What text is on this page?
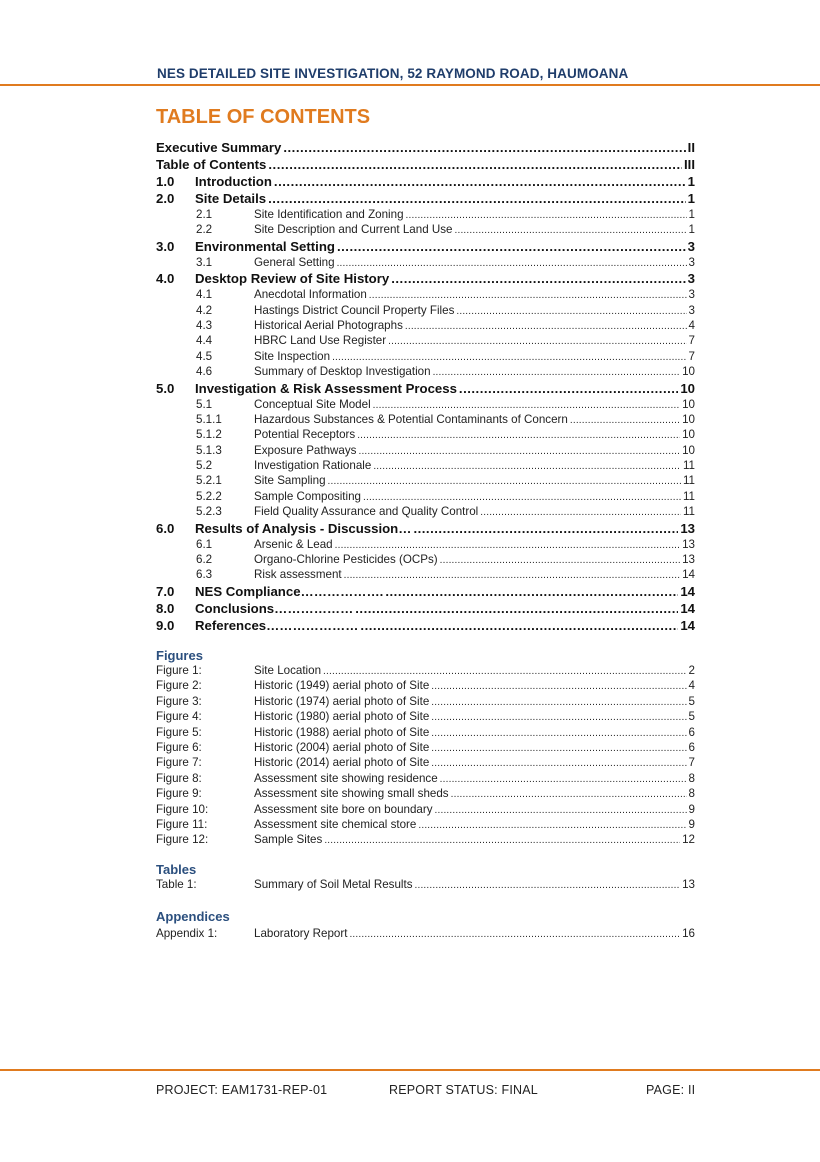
NES DETAILED SITE INVESTIGATION, 52 RAYMOND ROAD, HAUMOANA
TABLE OF CONTENTS
Executive Summary .....	II
Table of Contents .....	III
1.0	Introduction .....	1
2.0	Site Details .....	1
2.1	Site Identification and Zoning .....	1
2.2	Site Description and Current Land Use .....	1
3.0	Environmental Setting .....	3
3.1	General Setting .....	3
4.0	Desktop Review of Site History .....	3
4.1	Anecdotal Information .....	3
4.2	Hastings District Council Property Files .....	3
4.3	Historical Aerial Photographs .....	4
4.4	HBRC Land Use Register .....	7
4.5	Site Inspection .....	7
4.6	Summary of Desktop Investigation .....	10
5.0	Investigation & Risk Assessment Process .....	10
5.1	Conceptual Site Model .....	10
5.1.1	Hazardous Substances & Potential Contaminants of Concern .....	10
5.1.2	Potential Receptors .....	10
5.1.3	Exposure Pathways .....	10
5.2	Investigation Rationale .....	11
5.2.1	Site Sampling .....	11
5.2.2	Sample Compositing .....	11
5.2.3	Field Quality Assurance and Quality Control .....	11
6.0	Results of Analysis - Discussion… .....	13
6.1	Arsenic & Lead .....	13
6.2	Organo-Chlorine Pesticides (OCPs) .....	13
6.3	Risk assessment .....	14
7.0	NES Compliance………………. .....	14
8.0	Conclusions……………… .....	14
9.0	References………………… .....	14
Figures
Figure 1:	Site Location .....	2
Figure 2:	Historic (1949) aerial photo of Site .....	4
Figure 3:	Historic (1974) aerial photo of Site .....	5
Figure 4:	Historic (1980) aerial photo of Site .....	5
Figure 5:	Historic (1988) aerial photo of Site .....	6
Figure 6:	Historic (2004) aerial photo of Site .....	6
Figure 7:	Historic (2014) aerial photo of Site .....	7
Figure 8:	Assessment site showing residence .....	8
Figure 9:	Assessment site showing small sheds .....	8
Figure 10:	Assessment site bore on boundary .....	9
Figure 11:	Assessment site chemical store .....	9
Figure 12:	Sample Sites .....	12
Tables
Table 1:	Summary of Soil Metal Results .....	13
Appendices
Appendix 1:	Laboratory Report .....	16
PROJECT: EAM1731-REP-01	REPORT STATUS: FINAL	PAGE: II
